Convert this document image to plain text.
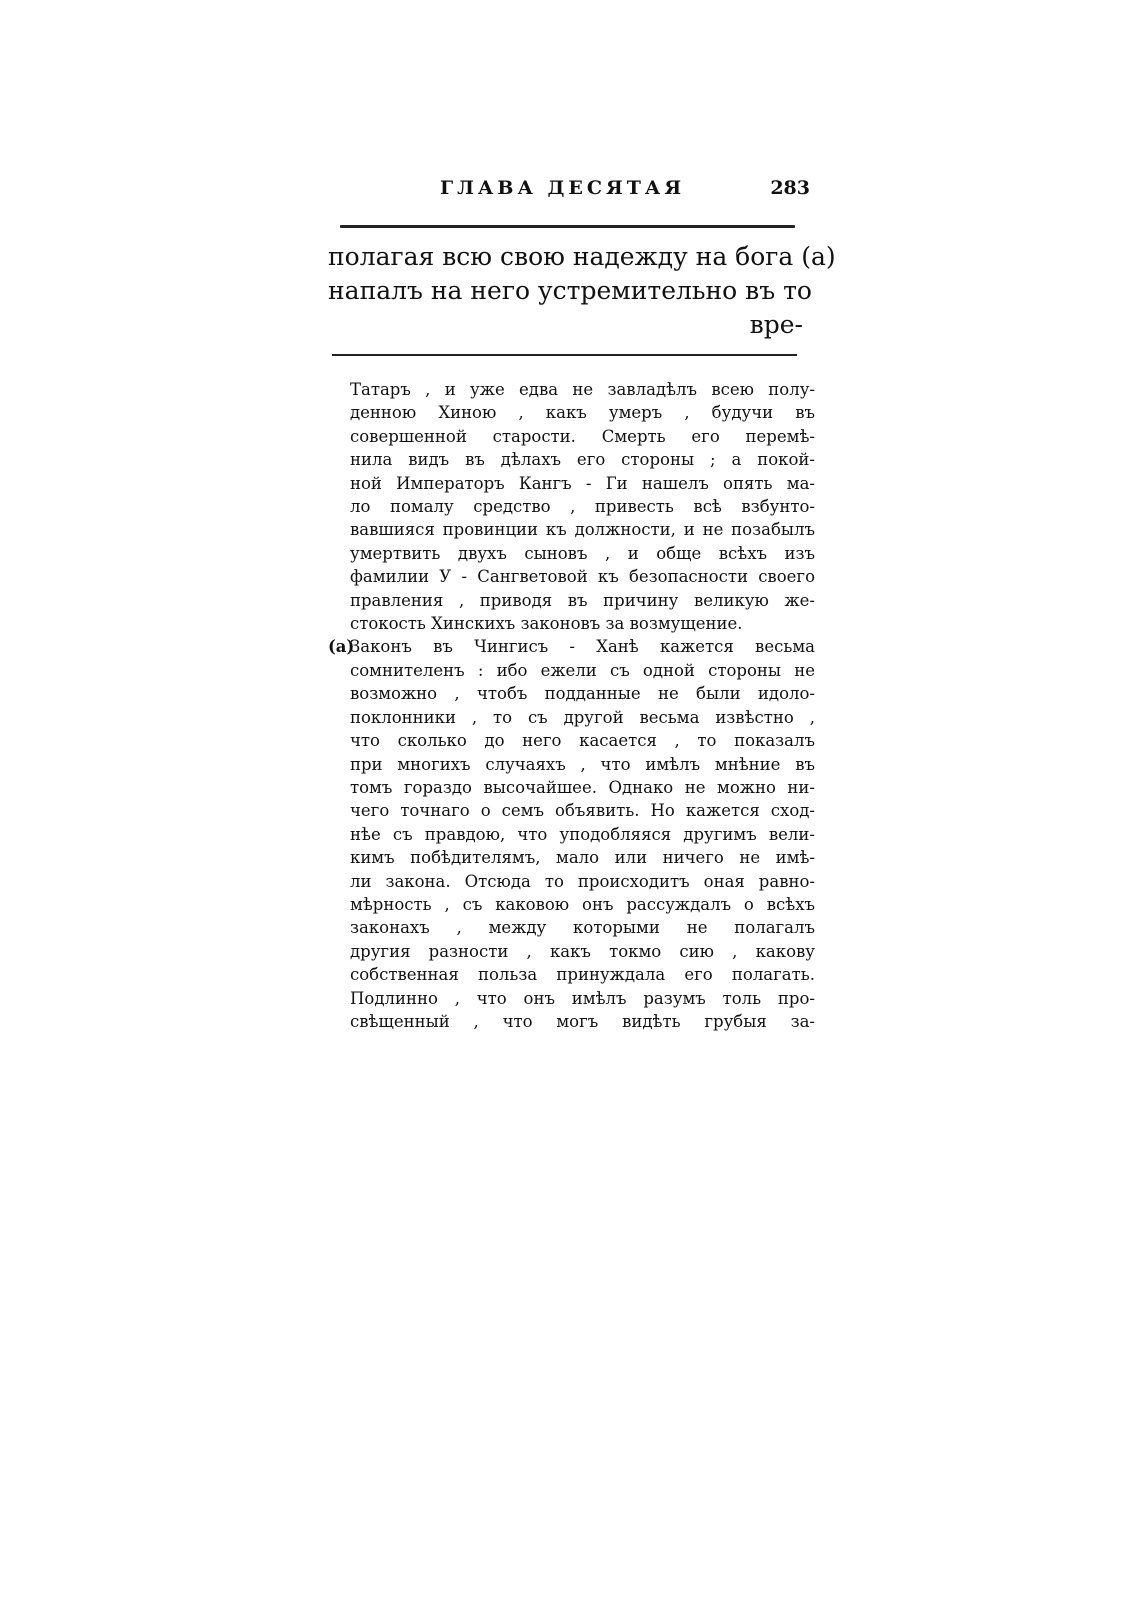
ГЛАВА ДЕСЯТАЯ	283
полагая всю свою надежду на бога (a)
напалъ на него устремительно въ то
вре-
Татаръ , и уже едва не завладѣлъ всею полу-
денною Хиною , какъ умеръ , будучи въ
совершенной старости. Смерть его перемѣ-
нила видъ въ дѣлахъ его стороны ; а покой-
ной Императоръ Кангъ - Ги нашелъ опять ма-
ло помалу средство , привесть всѣ взбунто-
вавшияся провинции къ должности, и не позабылъ
умертвить двухъ сыновъ , и обще всѣхъ изъ
фамилии У - Сангветовой къ безопасности своего
правления , приводя въ причину великую же-
стокость Хинскихъ законовъ за возмущение.
(a)
Законъ въ Чингисъ - Ханѣ кажется весьма
сомнителенъ : ибо ежели съ одной стороны не
возможно , чтобъ подданные не были идоло-
поклонники , то съ другой весьма извѣстно ,
что сколько до него касается , то показалъ
при многихъ случаяхъ , что имѣлъ мнѣние въ
томъ гораздо высочайшее. Однако не можно ни-
чего точнаго о семъ объявить. Но кажется сход-
нѣе съ правдою, что уподобляяся другимъ вели-
кимъ побѣдителямъ, мало или ничего не имѣ-
ли закона. Отсюда то происходитъ оная равно-
мѣрность , съ каковою онъ рассуждалъ о всѣхъ
законахъ , между которыми не полагалъ
другия разности , какъ токмо сию , какову
собственная польза принуждала его полагать.
Подлинно , что онъ имѣлъ разумъ толь про-
свѣщенный , что могъ видѣть грубыя за-
